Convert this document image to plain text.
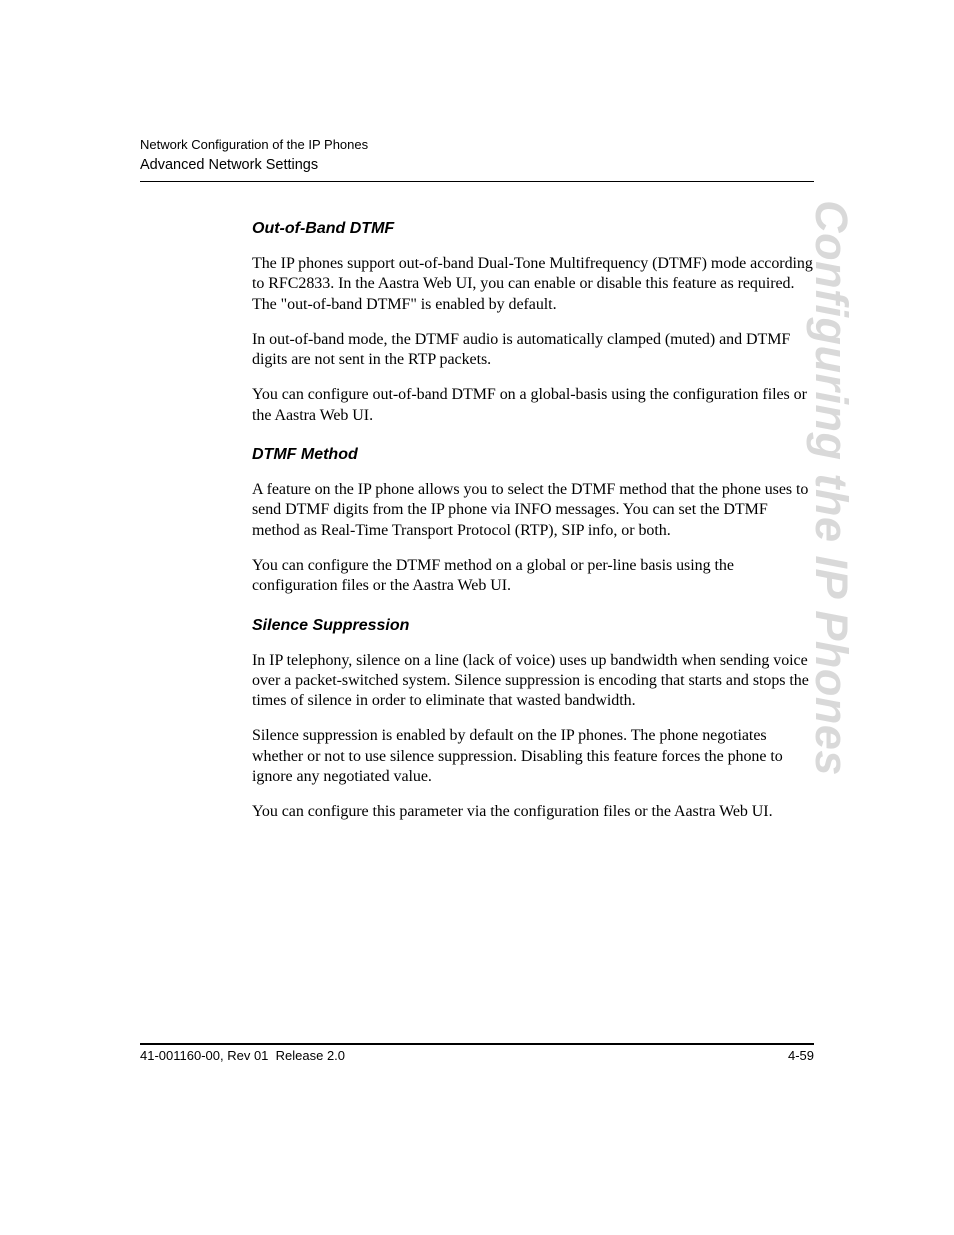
Network Configuration of the IP Phones
Advanced Network Settings
Configuring the IP Phones
Out-of-Band DTMF

The IP phones support out-of-band Dual-Tone Multifrequency (DTMF) mode according to RFC2833. In the Aastra Web UI, you can enable or disable this feature as required. The "out-of-band DTMF" is enabled by default.

In out-of-band mode, the DTMF audio is automatically clamped (muted) and DTMF digits are not sent in the RTP packets.

You can configure out-of-band DTMF on a global-basis using the configuration files or the Aastra Web UI.

DTMF Method

A feature on the IP phone allows you to select the DTMF method that the phone uses to send DTMF digits from the IP phone via INFO messages. You can set the DTMF method as Real-Time Transport Protocol (RTP), SIP info, or both.

You can configure the DTMF method on a global or per-line basis using the configuration files or the Aastra Web UI.

Silence Suppression

In IP telephony, silence on a line (lack of voice) uses up bandwidth when sending voice over a packet-switched system. Silence suppression is encoding that starts and stops the times of silence in order to eliminate that wasted bandwidth.

Silence suppression is enabled by default on the IP phones. The phone negotiates whether or not to use silence suppression. Disabling this feature forces the phone to ignore any negotiated value.

You can configure this parameter via the configuration files or the Aastra Web UI.

41-001160-00, Rev 01  Release 2.0	4-59
